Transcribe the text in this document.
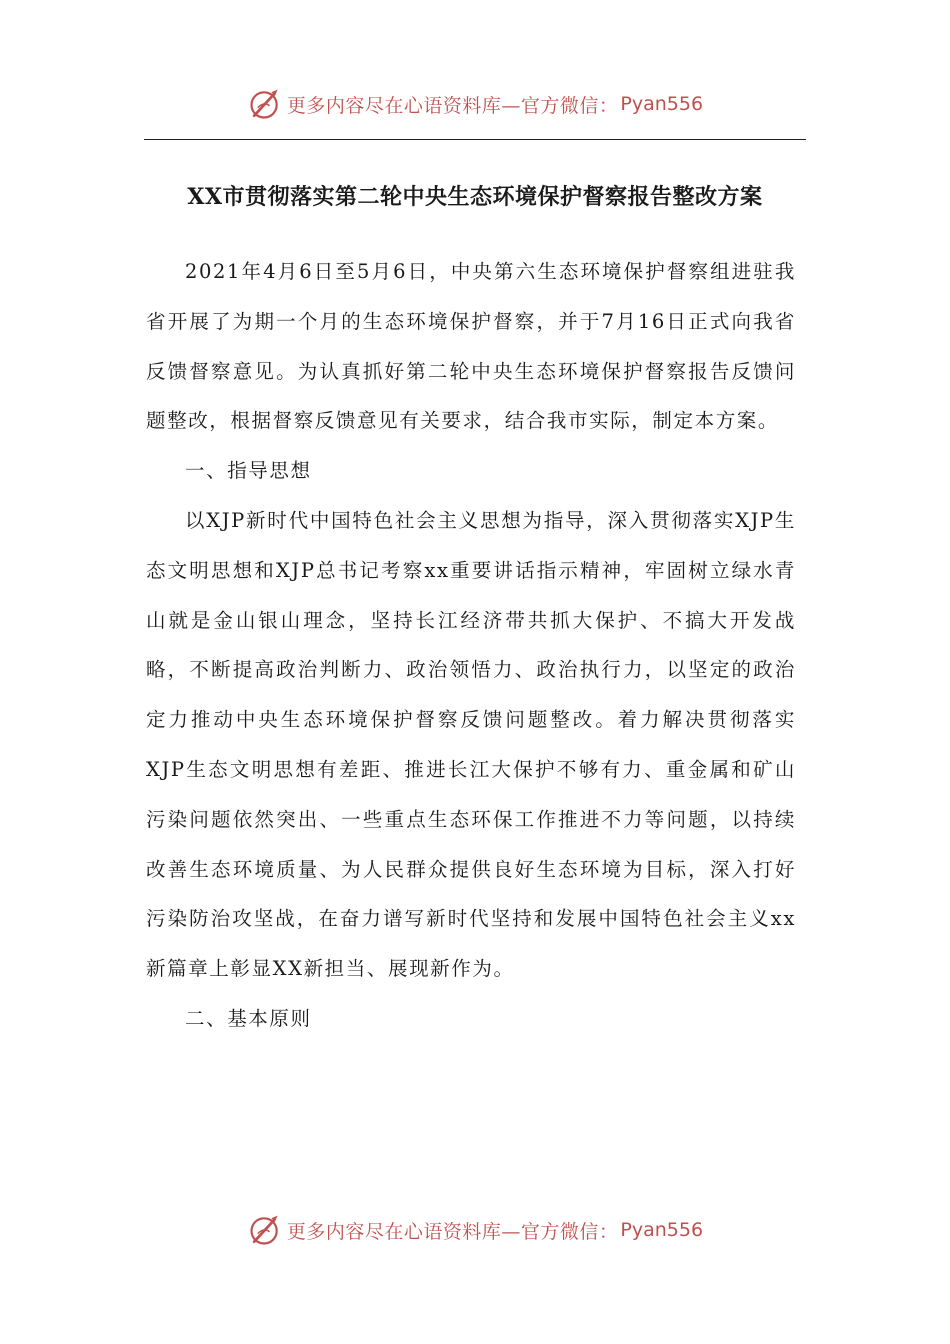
更多内容尽在心语资料库—官方微信： Pyan556
XX市贯彻落实第二轮中央生态环境保护督察报告整改方案

2021年4月6日至5月6日，中央第六生态环境保护督察组进驻我省开展了为期一个月的生态环境保护督察，并于7月16日正式向我省反馈督察意见。为认真抓好第二轮中央生态环境保护督察报告反馈问题整改，根据督察反馈意见有关要求，结合我市实际，制定本方案。

一、指导思想

以XJP新时代中国特色社会主义思想为指导，深入贯彻落实XJP生态文明思想和XJP总书记考察xx重要讲话指示精神，牢固树立绿水青山就是金山银山理念，坚持长江经济带共抓大保护、不搞大开发战略，不断提高政治判断力、政治领悟力、政治执行力，以坚定的政治定力推动中央生态环境保护督察反馈问题整改。着力解决贯彻落实XJP生态文明思想有差距、推进长江大保护不够有力、重金属和矿山污染问题依然突出、一些重点生态环保工作推进不力等问题，以持续改善生态环境质量、为人民群众提供良好生态环境为目标，深入打好污染防治攻坚战，在奋力谱写新时代坚持和发展中国特色社会主义xx新篇章上彰显XX新担当、展现新作为。

二、基本原则

更多内容尽在心语资料库—官方微信： Pyan556
